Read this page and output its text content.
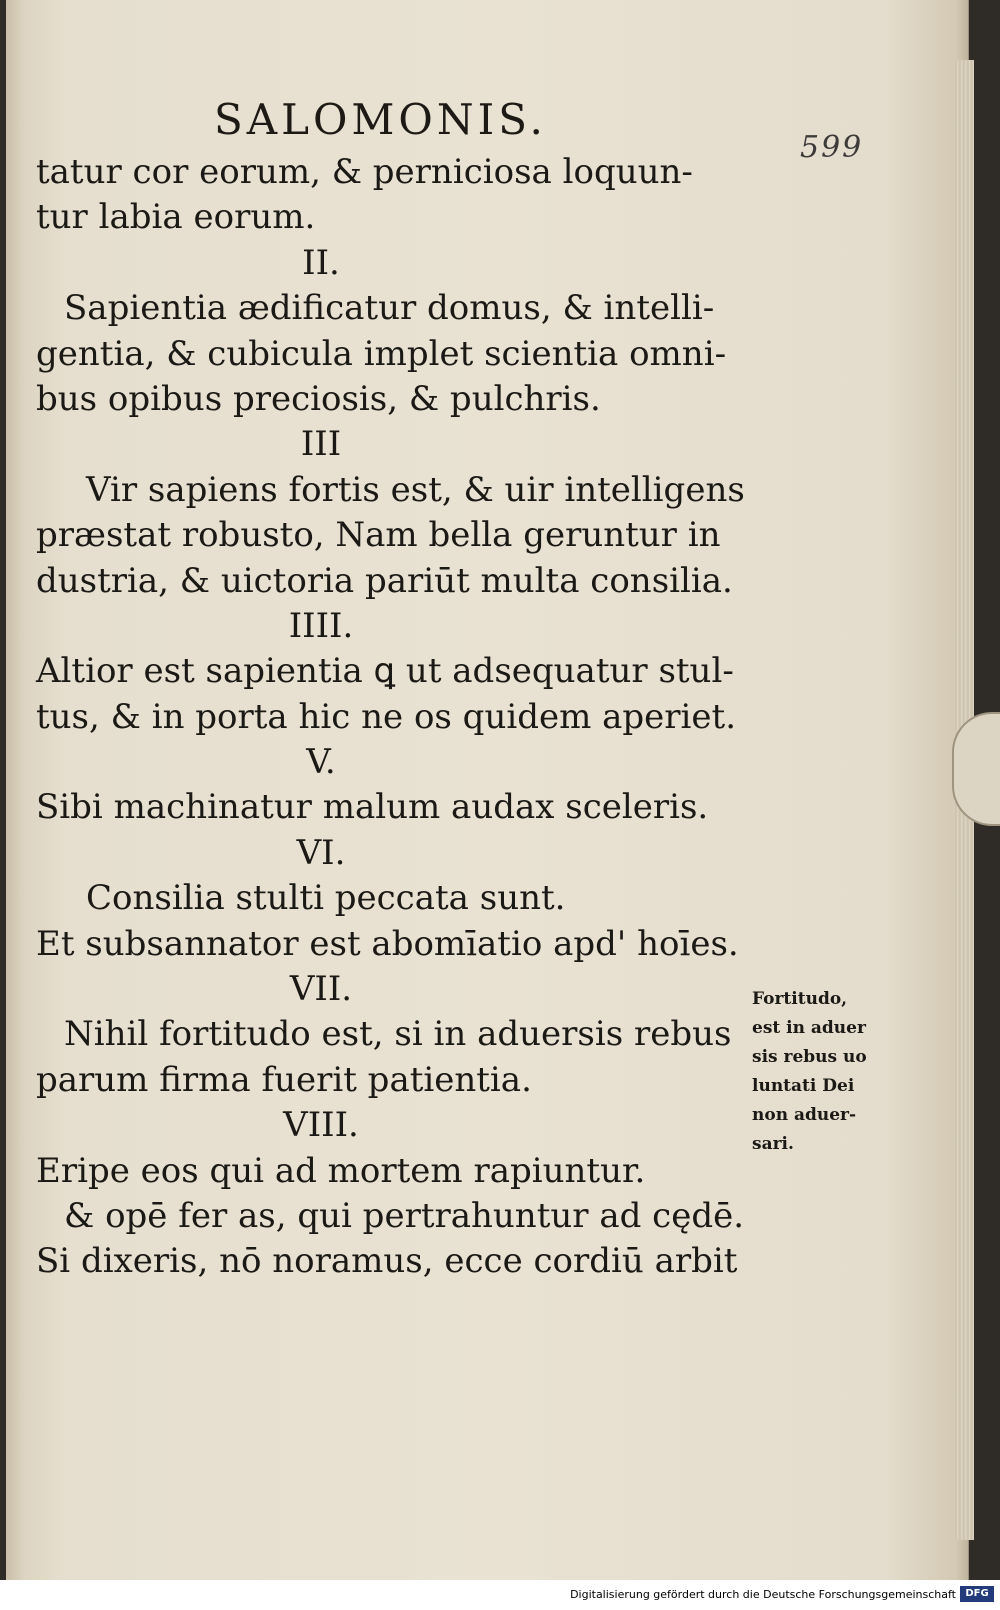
SALOMONIS.
599
tatur cor eorum, & perniciosa loquun-
tur labia eorum.
II.
Sapientia ædificatur domus, & intelli-
gentia, & cubicula implet scientia omni-
bus opibus preciosis, & pulchris.
III
Vir sapiens fortis est, & uir intelligens
præstat robusto, Nam bella geruntur in
dustria, & uictoria pariūt multa consilia.
IIII.
Altior est sapientia ꝗ ut adsequatur stul-
tus, & in porta hic ne os quidem aperiet.
V.
Sibi machinatur malum audax sceleris.
VI.
Consilia stulti peccata sunt.
Et subsannator est abomīatio apd' hoīes.
VII.
Nihil fortitudo est, si in aduersis rebus
parum firma fuerit patientia.
VIII.
Eripe eos qui ad mortem rapiuntur.
& opē fer as, qui pertrahuntur ad cędē.
Si dixeris, nō noramus, ecce cordiū arbit
Fortitudo,
est in aduer
sis rebus uo
luntati Dei
non aduer-
sari.
Digitalisierung gefördert durch die Deutsche Forschungsgemeinschaft DFG
